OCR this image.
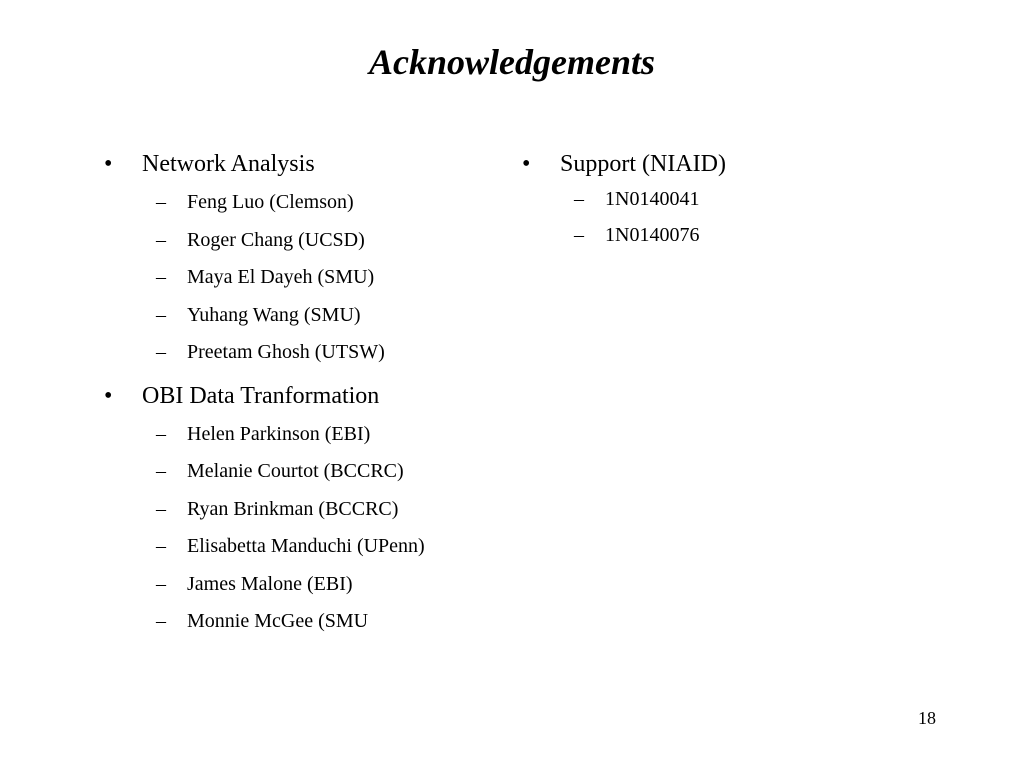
Acknowledgements
• Network Analysis
– Feng Luo (Clemson)
– Roger Chang (UCSD)
– Maya El Dayeh (SMU)
– Yuhang Wang (SMU)
– Preetam Ghosh (UTSW)
• OBI Data Tranformation
– Helen Parkinson (EBI)
– Melanie Courtot (BCCRC)
– Ryan Brinkman (BCCRC)
– Elisabetta Manduchi (UPenn)
– James Malone (EBI)
– Monnie McGee (SMU
• Support (NIAID)
– 1N0140041
– 1N0140076
18
